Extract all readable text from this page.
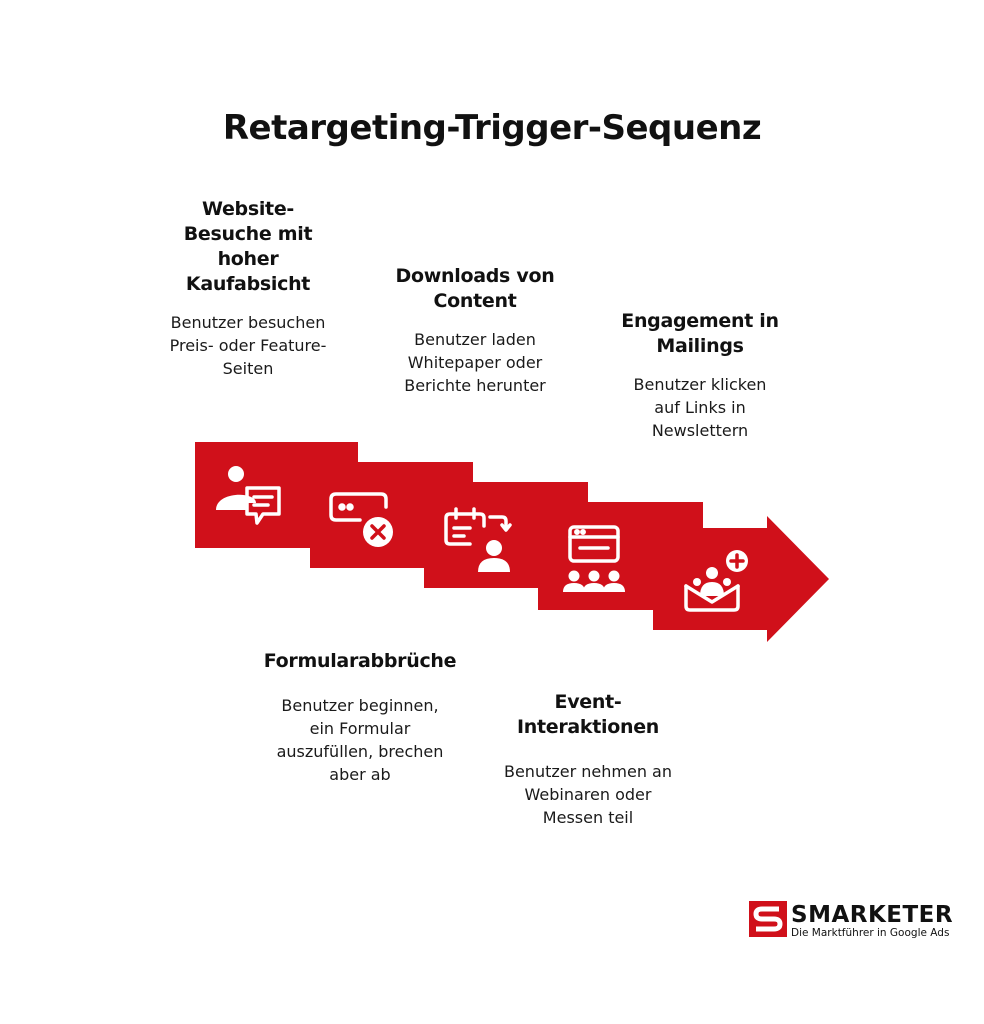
Retargeting-Trigger-Sequenz
Website-
Besuche mit
hoher
Kaufabsicht
Benutzer besuchen
Preis- oder Feature-
Seiten
Downloads von
Content
Benutzer laden
Whitepaper oder
Berichte herunter
Engagement in
Mailings
Benutzer klicken
auf Links in
Newslettern
Formularabbrüche
Benutzer beginnen,
ein Formular
auszufüllen, brechen
aber ab
Event-
Interaktionen
Benutzer nehmen an
Webinaren oder
Messen teil
SMARKETER
Die Marktführer in Google Ads
